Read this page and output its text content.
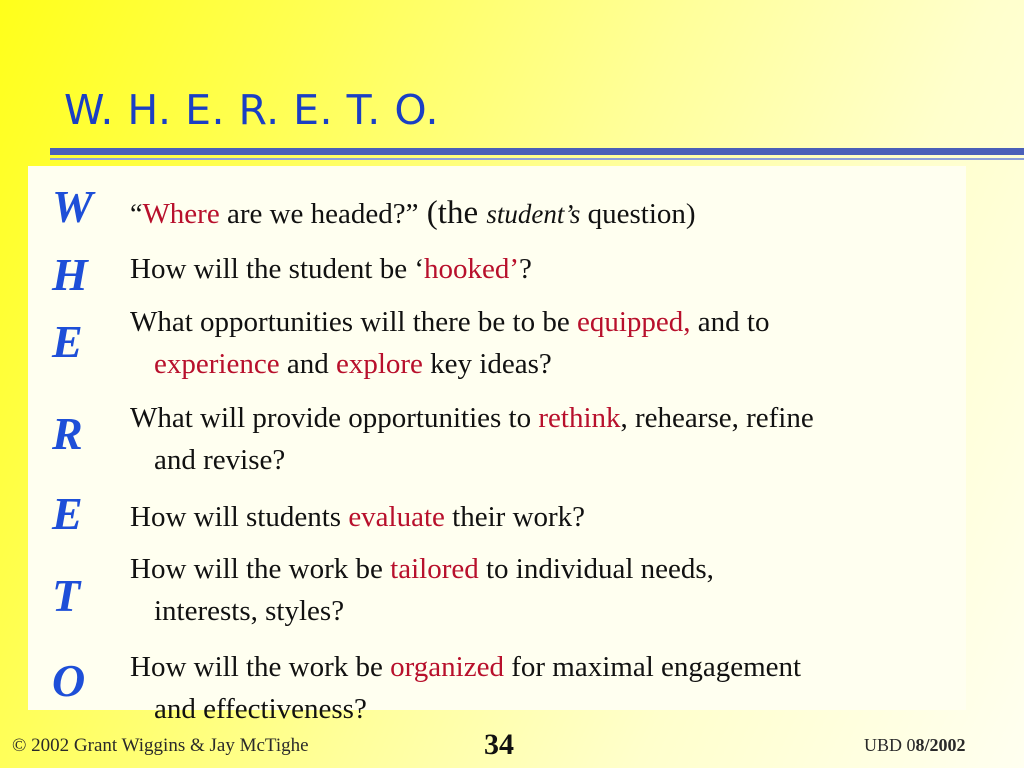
W. H. E. R. E. T. O.
W
H
E
R
E
T
O
“Where are we headed?” (the student’s question)
How will the student be ‘hooked’?
What opportunities will there be to be equipped, and to
experience and explore key ideas?
What will provide opportunities to rethink, rehearse, refine
and revise?
How will students evaluate their work?
How will the work be tailored to individual needs,
interests, styles?
How will the work be organized for maximal engagement
and effectiveness?
© 2002 Grant Wiggins & Jay McTighe	34	UBD 08/2002
